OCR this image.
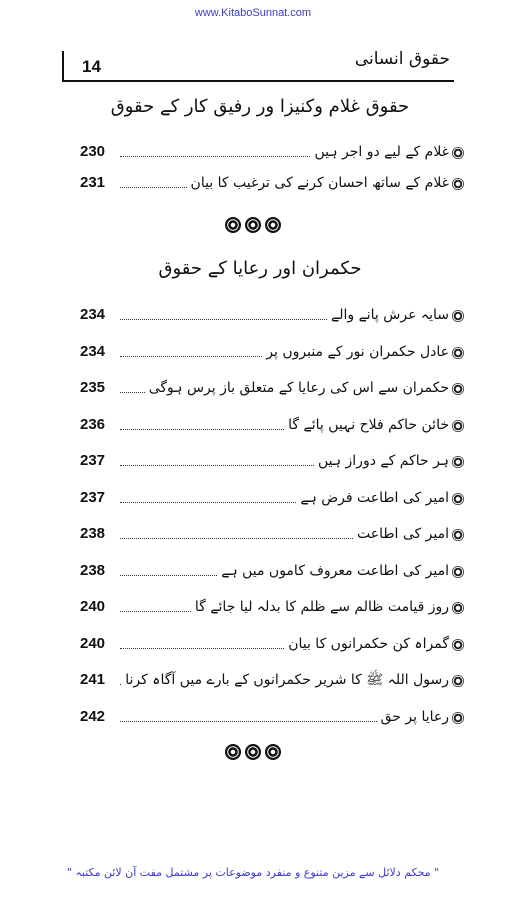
www.KitaboSunnat.com
14	حقوق انسانی
حقوق غلام وکنیزا ور رفیق کار کے حقوق
غلام کے لیے دو اجر ہیں
230
غلام کے ساتھ احسان کرنے کی ترغیب کا بیان
231
حکمران اور رعایا کے حقوق
سایہ عرش پانے والے
234
عادل حکمران نور کے منبروں پر
234
حکمران سے اس کی رعایا کے متعلق باز پرس ہوگی
235
خائن حاکم فلاح نہیں پائے گا
236
ہر حاکم کے دوراز ہیں
237
امیر کی اطاعت فرض ہے
237
امیر کی اطاعت
238
امیر کی اطاعت معروف کاموں میں ہے
238
روز قیامت ظالم سے ظلم کا بدلہ لیا جائے گا
240
گمراہ کن حکمرانوں کا بیان
240
رسول اللہ ﷺ کا شریر حکمرانوں کے بارے میں آگاہ کرنا
241
رعایا پر حق
242
" محکم دلائل سے مزین متنوع و منفرد موضوعات پر مشتمل مفت آن لائن مکتبہ "
